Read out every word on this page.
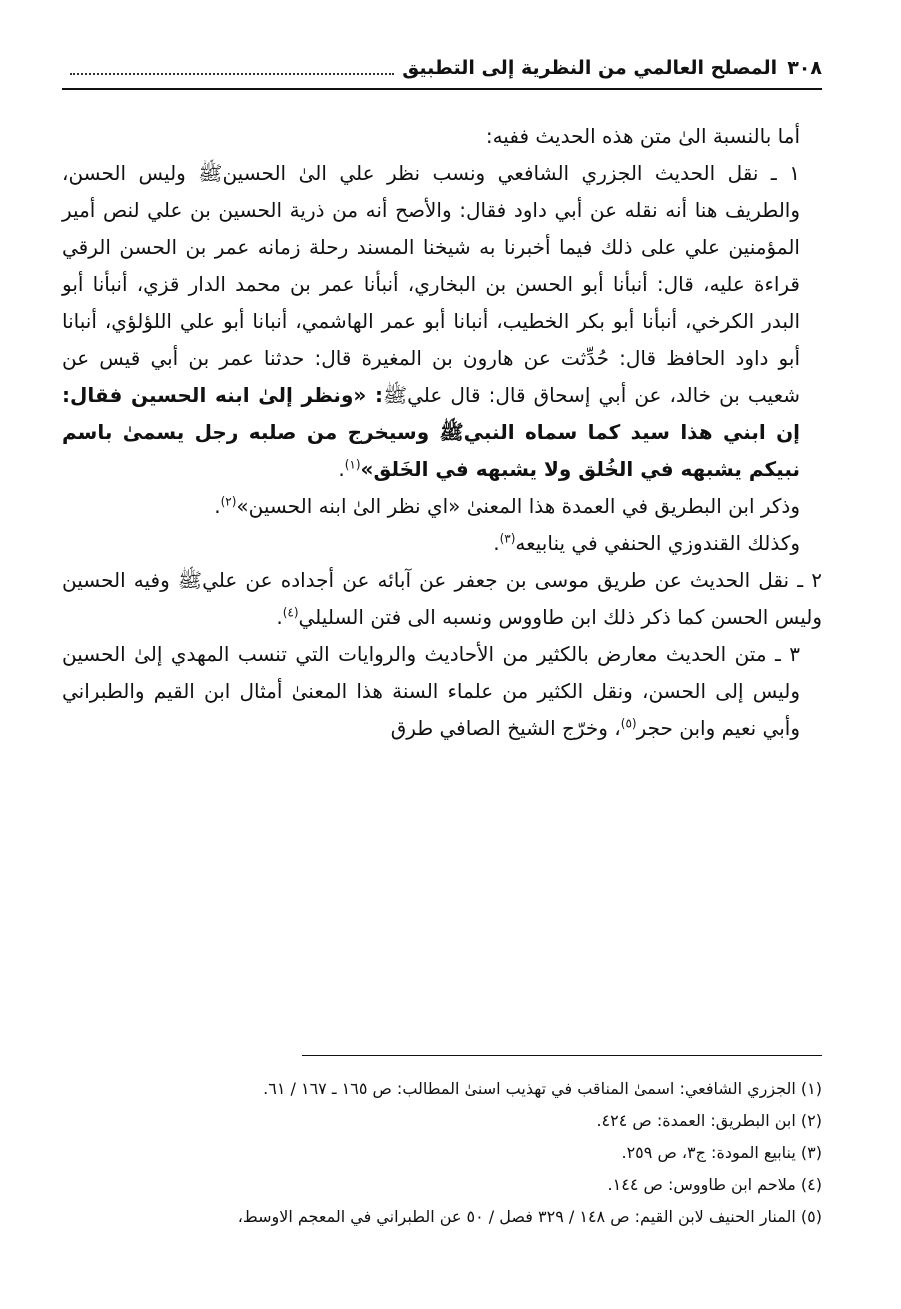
٣٠٨
المصلح العالمي من النظرية إلى التطبيق

أما بالنسبة الىٰ متن هذه الحديث ففيه:

١ ـ نقل الحديث الجزري الشافعي ونسب نظر علي الىٰ الحسينﷺ وليس الحسن، والطريف هنا أنه نقله عن أبي داود فقال: والأصح أنه من ذرية الحسين بن علي لنص أمير المؤمنين علي على ذلك فيما أخبرنا به شيخنا المسند رحلة زمانه عمر بن الحسن الرقي قراءة عليه، قال: أنبأنا أبو الحسن بن البخاري، أنبأنا عمر بن محمد الدار قزي، أنبأنا أبو البدر الكرخي، أنبأنا أبو بكر الخطيب، أنبانا أبو عمر الهاشمي، أنبانا أبو علي اللؤلؤي، أنبانا أبو داود الحافظ قال: حُدِّثت عن هارون بن المغيرة قال: حدثنا عمر بن أبي قيس عن شعيب بن خالد، عن أبي إسحاق قال: قال عليﷺ: «ونظر إلىٰ ابنه الحسين فقال: إن ابني هذا سيد كما سماه النبيﷺ وسيخرج من صلبه رجل يسمىٰ باسم نبيكم يشبهه في الخُلق ولا يشبهه في الخَلق»$^{(١)}$.

وذكر ابن البطريق في العمدة هذا المعنىٰ «اي نظر الىٰ ابنه الحسين»$^{(٢)}$.

وكذلك القندوزي الحنفي في ينابيعه$^{(٣)}$.

٢ ـ نقل الحديث عن طريق موسى بن جعفر عن آبائه عن أجداده عن عليﷺ وفيه الحسين وليس الحسن كما ذكر ذلك ابن طاووس ونسبه الى فتن السليلي$^{(٤)}$.

٣ ـ متن الحديث معارض بالكثير من الأحاديث والروايات التي تنسب المهدي إلىٰ الحسين وليس إلى الحسن، ونقل الكثير من علماء السنة هذا المعنىٰ أمثال ابن القيم والطبراني وأبي نعيم وابن حجر$^{(٥)}$، وخرّج الشيخ الصافي طرق

(١) الجزري الشافعي: اسمىٰ المناقب في تهذيب اسنىٰ المطالب: ص ١٦٥ ـ ١٦٧ / ٦١.
(٢) ابن البطريق: العمدة: ص ٤٢٤.
(٣) ينابيع المودة: ج٣، ص ٢٥٩.
(٤) ملاحم ابن طاووس: ص ١٤٤.
(٥) المنار الحنيف لابن القيم: ص ١٤٨ / ٣٢٩ فصل / ٥٠ عن الطبراني في المعجم الاوسط،
